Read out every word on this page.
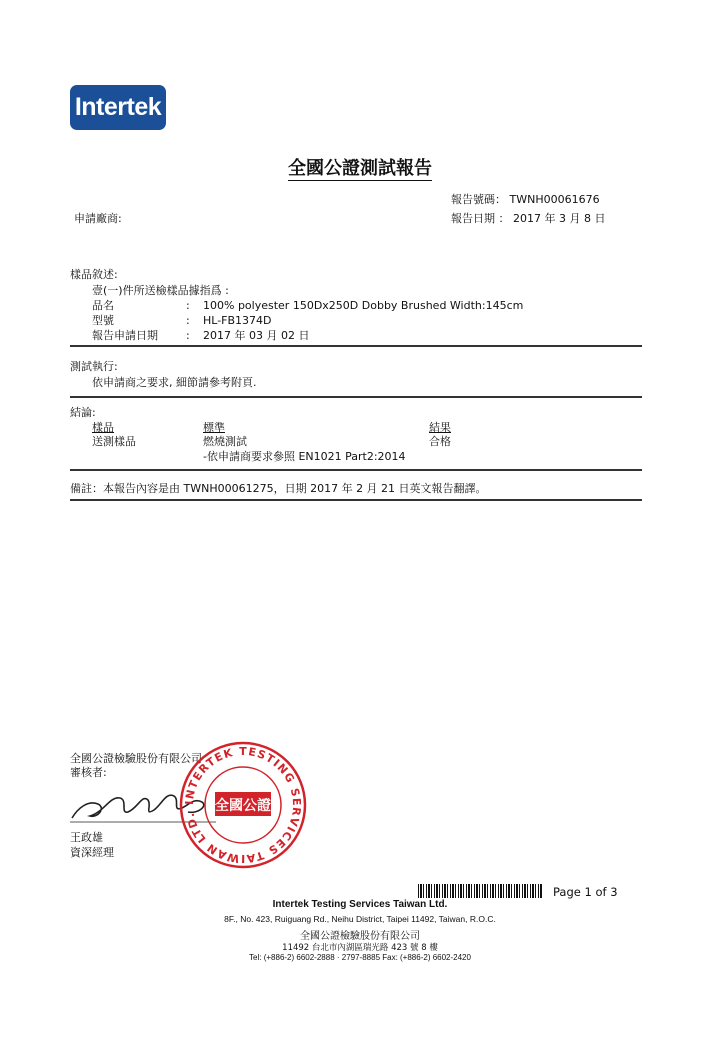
Intertek
全國公證測試報告
報告號碼： TWNH00061676
報告日期 ： 2017 年 3 月 8 日
申請廠商:
樣品敘述:
壹(一)件所送檢樣品據指爲 :
品名	: 100% polyester 150Dx250D Dobby Brushed Width:145cm
型號	: HL-FB1374D
報告申請日期	: 2017 年 03 月 02 日
測試執行:
依申請商之要求, 細節請參考附頁.
結論:
樣品	標準	結果
送測樣品	燃燒測試	合格
-依申請商要求參照 EN1021 Part2:2014
備註：本報告內容是由 TWNH00061275，日期 2017 年 2 月 21 日英文報告翻譯。
全國公證檢驗股份有限公司
審核者:
王政雄
資深經理
INTERTEK TESTING SERVICES TAIWAN LTD.
全國公證
Page 1 of 3
Intertek Testing Services Taiwan Ltd.
8F., No. 423, Ruiguang Rd., Neihu District, Taipei 11492, Taiwan, R.O.C.
全國公證檢驗股份有限公司
11492 台北市內湖區瑞光路 423 號 8 樓
Tel: (+886-2) 6602-2888 · 2797-8885 Fax: (+886-2) 6602-2420
